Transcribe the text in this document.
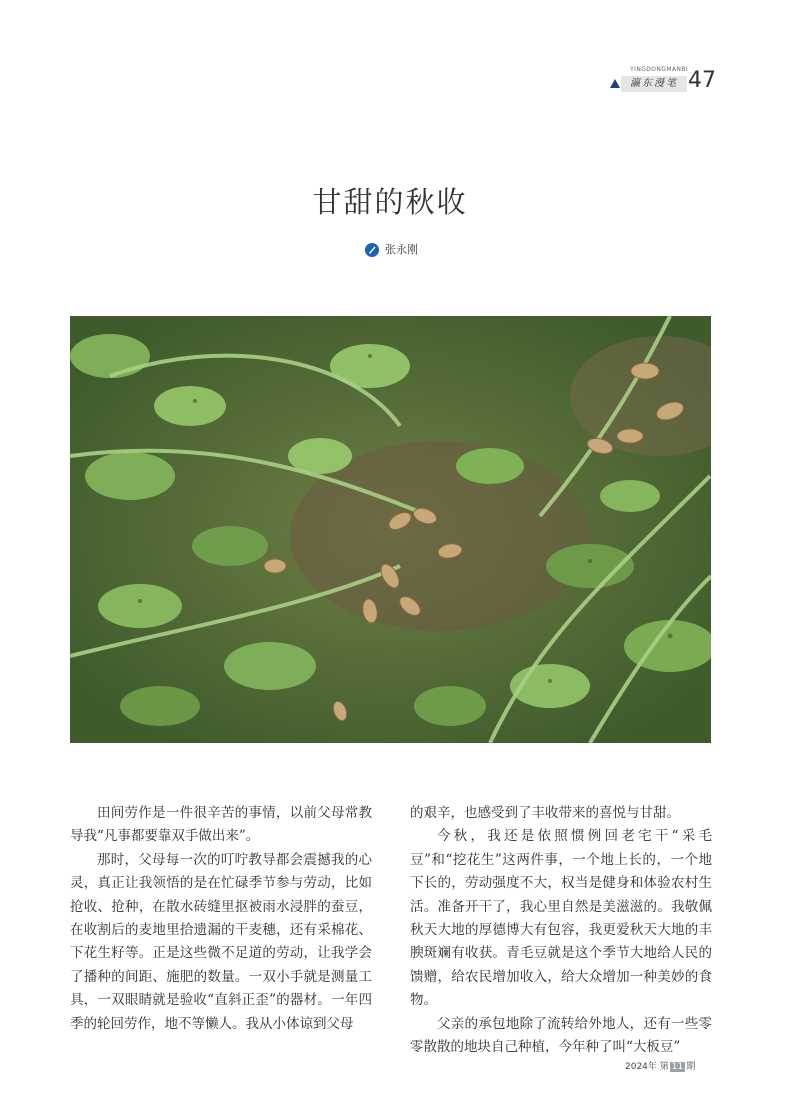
YINGDONGMANBI
瀛东漫笔 47
甘甜的秋收
张永刚

田间劳作是一件很辛苦的事情，以前父母常教导我“凡事都要靠双手做出来”。

那时，父母每一次的叮咛教导都会震撼我的心灵，真正让我领悟的是在忙碌季节参与劳动，比如抢收、抢种，在散水砖缝里抠被雨水浸胖的蚕豆，在收割后的麦地里拾遗漏的干麦穗，还有采棉花、下花生籽等。正是这些微不足道的劳动，让我学会了播种的间距、施肥的数量。一双小手就是测量工具，一双眼睛就是验收“直斜正歪”的器材。一年四季的轮回劳作，地不等懒人。我从小体谅到父母

的艰辛，也感受到了丰收带来的喜悦与甘甜。

今秋，我还是依照惯例回老宅干“采毛豆”和“挖花生”这两件事，一个地上长的，一个地下长的，劳动强度不大，权当是健身和体验农村生活。准备开干了，我心里自然是美滋滋的。我敬佩秋天大地的厚德博大有包容，我更爱秋天大地的丰腴斑斓有收获。青毛豆就是这个季节大地给人民的馈赠，给农民增加收入，给大众增加一种美妙的食物。

父亲的承包地除了流转给外地人，还有一些零零散散的地块自己种植，今年种了叫“大板豆”

2024年 第 11 期
